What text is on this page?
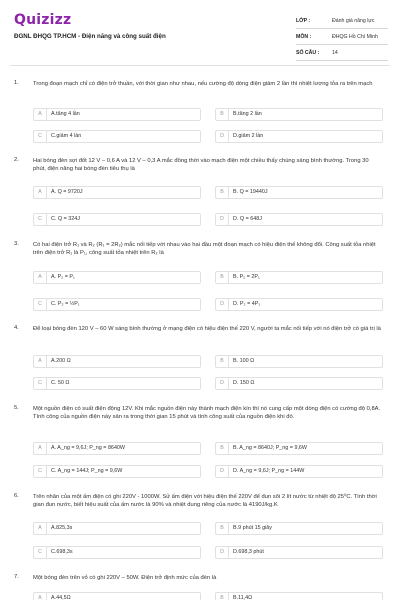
Quizizz
ĐGNL ĐHQG TP.HCM - Điện năng và công suất điện
LỚP :	Đánh giá năng lực
MÔN :	ĐHQG Hồ Chí Minh
SỐ CÂU :	14
1. Trong đoạn mạch chỉ có điện trở thuần, với thời gian như nhau, nếu cường độ dòng điện giảm 2 lần thì nhiệt lượng tỏa ra trên mạch
A	A.tăng 4 lần	B	B.tăng 2 lần
C	C.giảm 4 lần	D	D.giảm 2 lần
2. Hai bóng đèn sợi đốt 12 V – 0,6 A và 12 V – 0,3 A mắc đồng thời vào mạch điện một chiều thấy chúng sáng bình thường. Trong 30 phút, điện năng hai bóng đèn tiêu thụ là
A	A. Q = 9720J	B	B. Q = 19440J
C	C. Q = 324J	D	D. Q = 648J
3. Có hai điện trở R₁ và R₂ (R₁ = 2R₂) mắc nối tiếp với nhau vào hai đầu một đoạn mạch có hiệu điện thế không đổi. Công suất tỏa nhiệt trên điện trở R₁ là P₁, công suất tỏa nhiệt trên R₂ là
A	A. P₂ = P₁	B	B. P₂ = 2P₁
C	C. P₂ = ½P₁	D	D. P₂ = 4P₁
4. Để loại bóng đèn 120 V – 60 W sáng bình thường ở mạng điện có hiệu điện thế 220 V, người ta mắc nối tiếp với nó điện trở có giá trị là
A	A.200 Ω	B	B. 100 Ω
C	C. 50 Ω	D	D. 150 Ω
5. Một nguồn điện có suất điện động 12V. Khi mắc nguồn điện này thành mạch điện kín thì nó cung cấp một dòng điện có cường độ 0,8A. Tính công của nguồn điện này sản ra trong thời gian 15 phút và tính công suất của nguồn điện khi đó.
A	A. A_ng = 9,6J; P_ng = 8640W	B	B. A_ng = 8640J; P_ng = 9,6W
C	C. A_ng = 144J; P_ng = 9,6W	D	D. A_ng = 9,6J; P_ng = 144W
6. Trên nhãn của một ấm điện có ghi 220V - 1000W. Sử ấm điện với hiệu điện thế 220V để đun sôi 2 lít nước từ nhiệt độ 25⁰C. Tính thời gian đun nước, biết hiệu suất của ấm nước là 90% và nhiệt dung riêng của nước là 4190J/kg.K
A	A.825,3s	B	B.9 phút 15 giây
C	C.698,3s	D	D.698,3 phút
7. Một bóng đèn trên vỏ có ghi 220V – 50W. Điện trở định mức của đèn là
A	A.44,5Ω	B	B.11,4Ω
